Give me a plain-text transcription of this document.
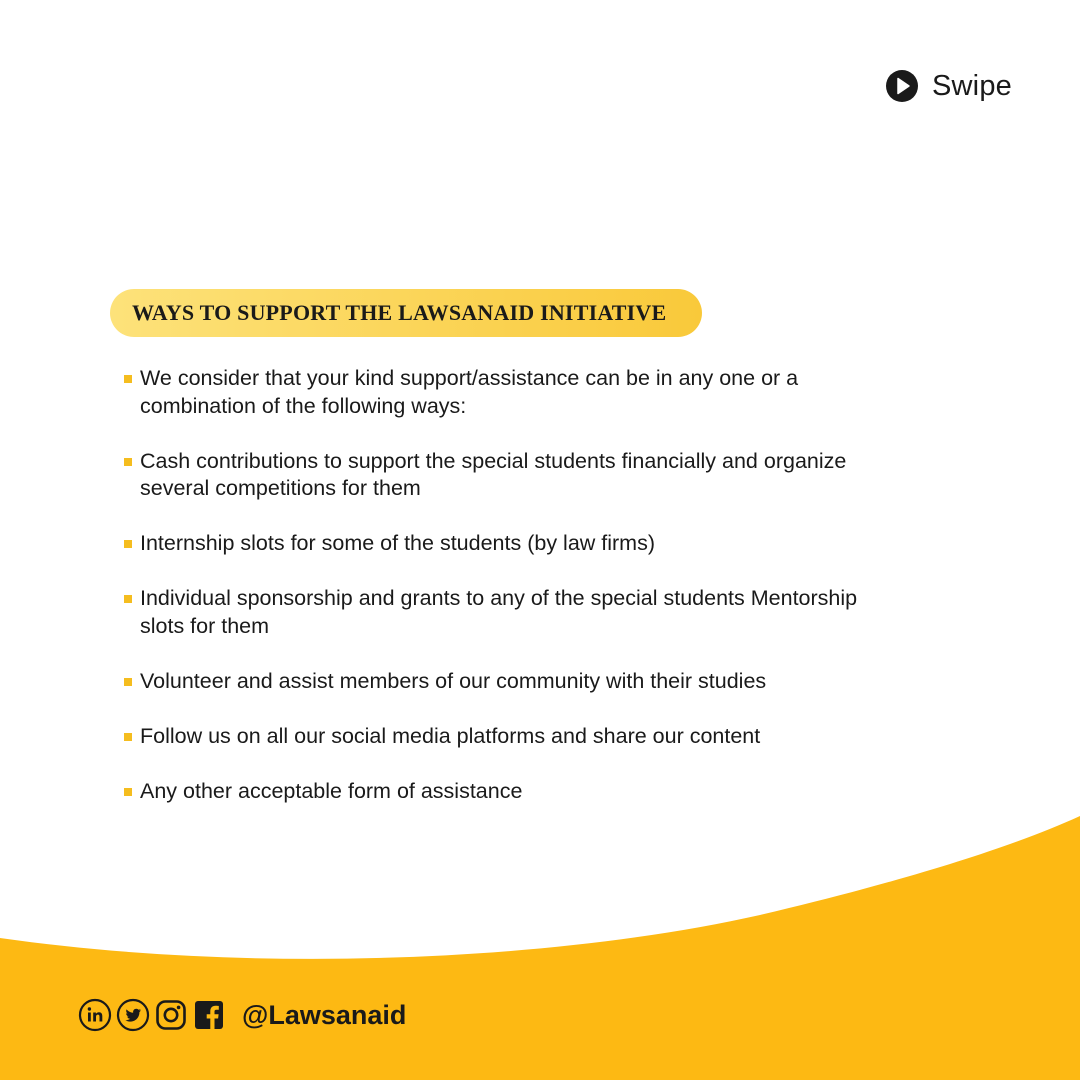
Swipe
WAYS TO SUPPORT THE LAWSANAID INITIATIVE
We consider that your kind support/assistance can be in any one or a combination of the following ways:
Cash contributions to support the special students financially and organize several competitions for them
Internship slots for some of the students (by law firms)
Individual sponsorship and grants to any of the special students Mentorship slots for them
Volunteer and assist members of our community with their studies
Follow us on all our social media platforms and share our content
Any other acceptable form of assistance
@Lawsanaid
